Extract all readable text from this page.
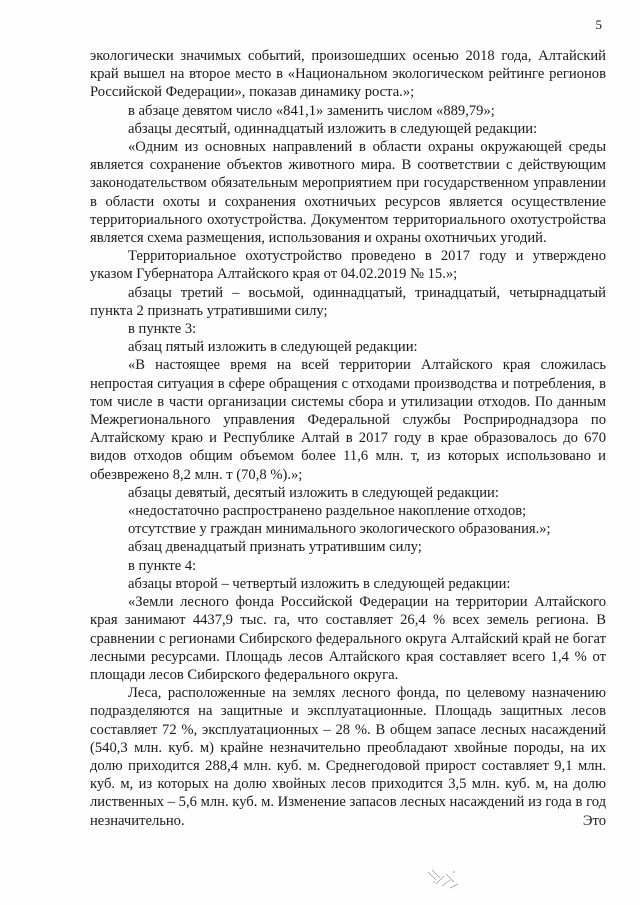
5

экологически значимых событий, произошедших осенью 2018 года, Алтайский край вышел на второе место в «Национальном экологическом рейтинге регионов Российской Федерации», показав динамику роста.»;

в абзаце девятом число «841,1» заменить числом «889,79»;

абзацы десятый, одиннадцатый изложить в следующей редакции:

«Одним из основных направлений в области охраны окружающей среды является сохранение объектов животного мира. В соответствии с действующим законодательством обязательным мероприятием при государственном управлении в области охоты и сохранения охотничьих ресурсов является осуществление территориального охотустройства. Документом территориального охотустройства является схема размещения, использования и охраны охотничьих угодий.

Территориальное охотустройство проведено в 2017 году и утверждено указом Губернатора Алтайского края от 04.02.2019 № 15.»;

абзацы третий – восьмой, одиннадцатый, тринадцатый, четырнадцатый пункта 2 признать утратившими силу;

в пункте 3:

абзац пятый изложить в следующей редакции:

«В настоящее время на всей территории Алтайского края сложилась непростая ситуация в сфере обращения с отходами производства и потребления, в том числе в части организации системы сбора и утилизации отходов. По данным Межрегионального управления Федеральной службы Росприроднадзора по Алтайскому краю и Республике Алтай в 2017 году в крае образовалось до 670 видов отходов общим объемом более 11,6 млн. т, из которых использовано и обезврежено 8,2 млн. т (70,8 %).»;

абзацы девятый, десятый изложить в следующей редакции:

«недостаточно распространено раздельное накопление отходов;

отсутствие у граждан минимального экологического образования.»;

абзац двенадцатый признать утратившим силу;

в пункте 4:

абзацы второй – четвертый изложить в следующей редакции:

«Земли лесного фонда Российской Федерации на территории Алтайского края занимают 4437,9 тыс. га, что составляет 26,4 % всех земель региона. В сравнении с регионами Сибирского федерального округа Алтайский край не богат лесными ресурсами. Площадь лесов Алтайского края составляет всего 1,4 % от площади лесов Сибирского федерального округа.

Леса, расположенные на землях лесного фонда, по целевому назначению подразделяются на защитные и эксплуатационные. Площадь защитных лесов составляет 72 %, эксплуатационных – 28 %. В общем запасе лесных насаждений (540,3 млн. куб. м) крайне незначительно преобладают хвойные породы, на их долю приходится 288,4 млн. куб. м. Среднегодовой прирост составляет 9,1 млн. куб. м, из которых на долю хвойных лесов приходится 3,5 млн. куб. м, на долю лиственных – 5,6 млн. куб. м. Изменение запасов лесных насаждений из года в год незначительно. Это
